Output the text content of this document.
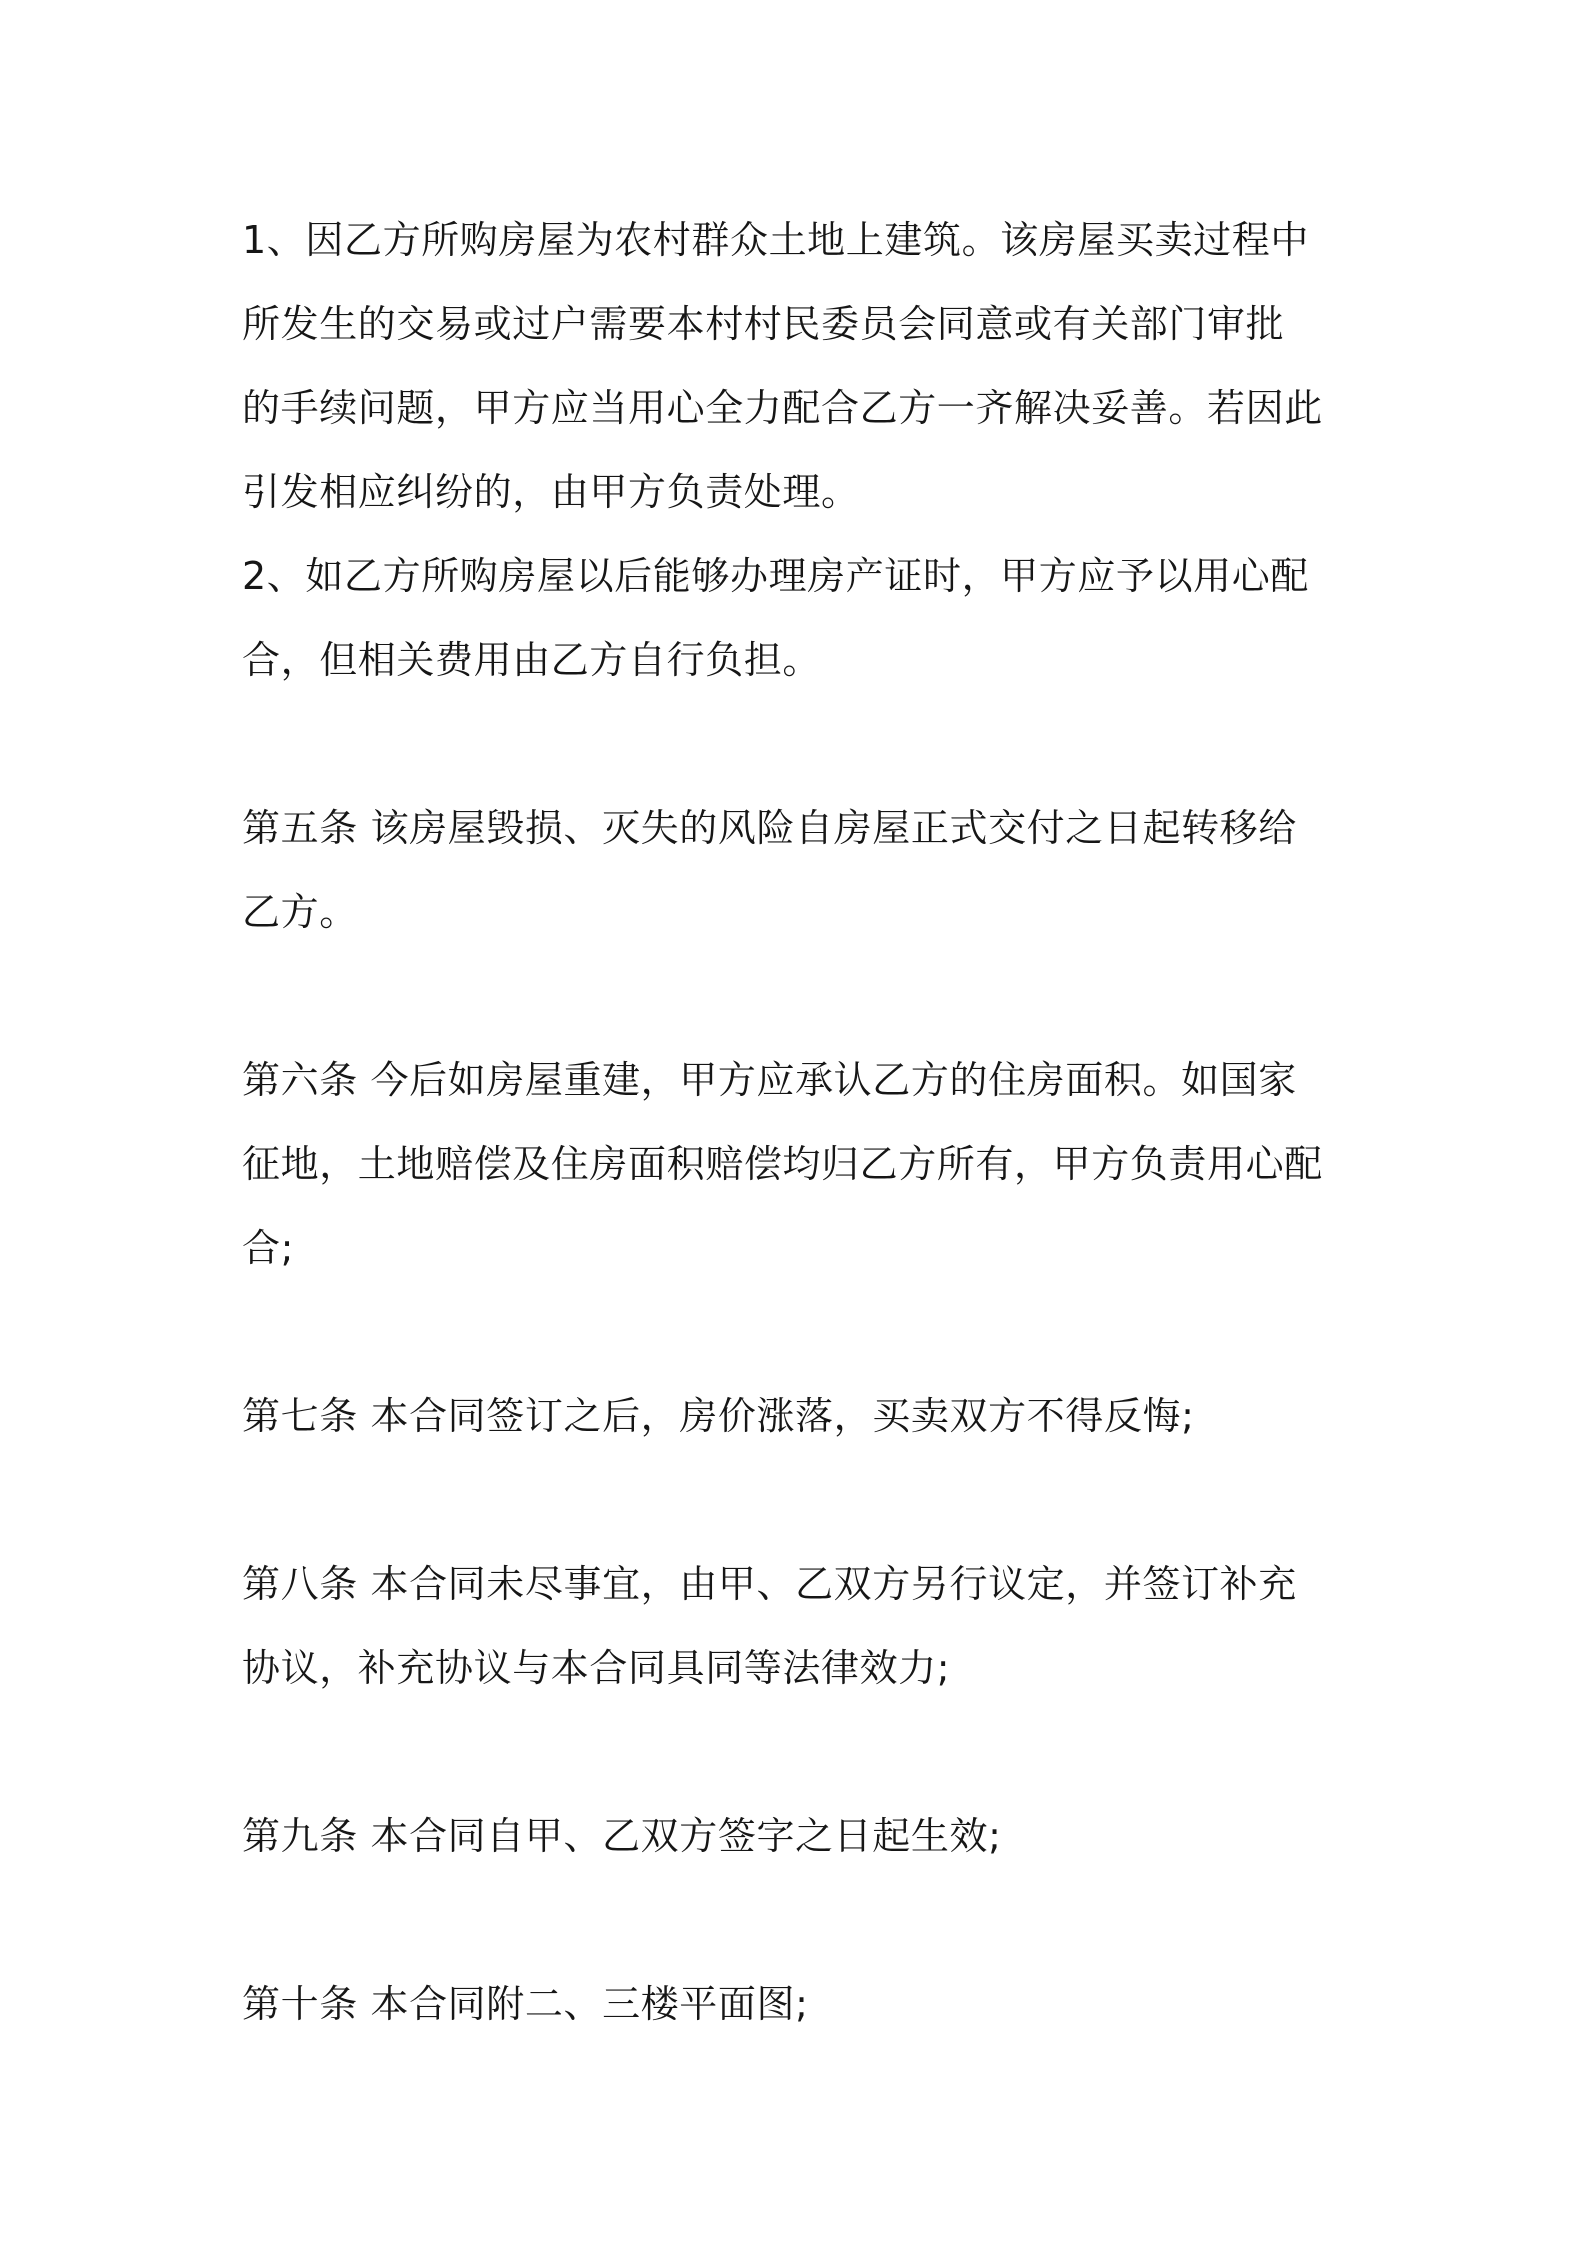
1、因乙方所购房屋为农村群众土地上建筑。该房屋买卖过程中
所发生的交易或过户需要本村村民委员会同意或有关部门审批
的手续问题，甲方应当用心全力配合乙方一齐解决妥善。若因此
引发相应纠纷的，由甲方负责处理。
2、如乙方所购房屋以后能够办理房产证时，甲方应予以用心配
合，但相关费用由乙方自行负担。
第五条 该房屋毁损、灭失的风险自房屋正式交付之日起转移给
乙方。
第六条 今后如房屋重建，甲方应承认乙方的住房面积。如国家
征地，土地赔偿及住房面积赔偿均归乙方所有，甲方负责用心配
合;
第七条 本合同签订之后，房价涨落，买卖双方不得反悔;
第八条 本合同未尽事宜，由甲、乙双方另行议定，并签订补充
协议，补充协议与本合同具同等法律效力;
第九条 本合同自甲、乙双方签字之日起生效;
第十条 本合同附二、三楼平面图;
